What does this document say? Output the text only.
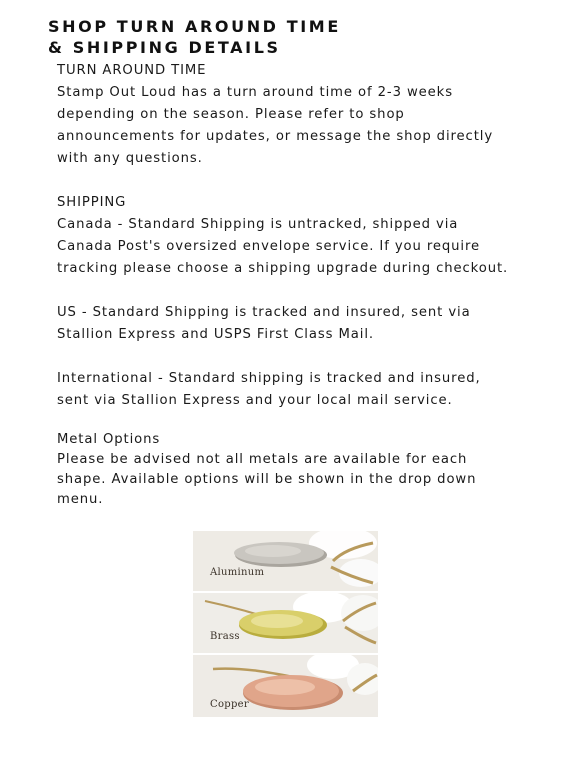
SHOP TURN AROUND TIME
& SHIPPING DETAILS
TURN AROUND TIME
Stamp Out Loud has a turn around time of 2-3 weeks
depending on the season. Please refer to shop
announcements for updates, or message the shop directly
with any questions.
SHIPPING
Canada - Standard Shipping is untracked, shipped via
Canada Post's oversized envelope service. If you require
tracking please choose a shipping upgrade during checkout.
US - Standard Shipping is tracked and insured, sent via
Stallion Express and USPS First Class Mail.
International - Standard shipping is tracked and insured,
sent via Stallion Express and your local mail service.
Metal Options
Please be advised not all metals are available for each
shape. Available options will be shown in the drop down
menu.
Aluminum
Brass
Copper
